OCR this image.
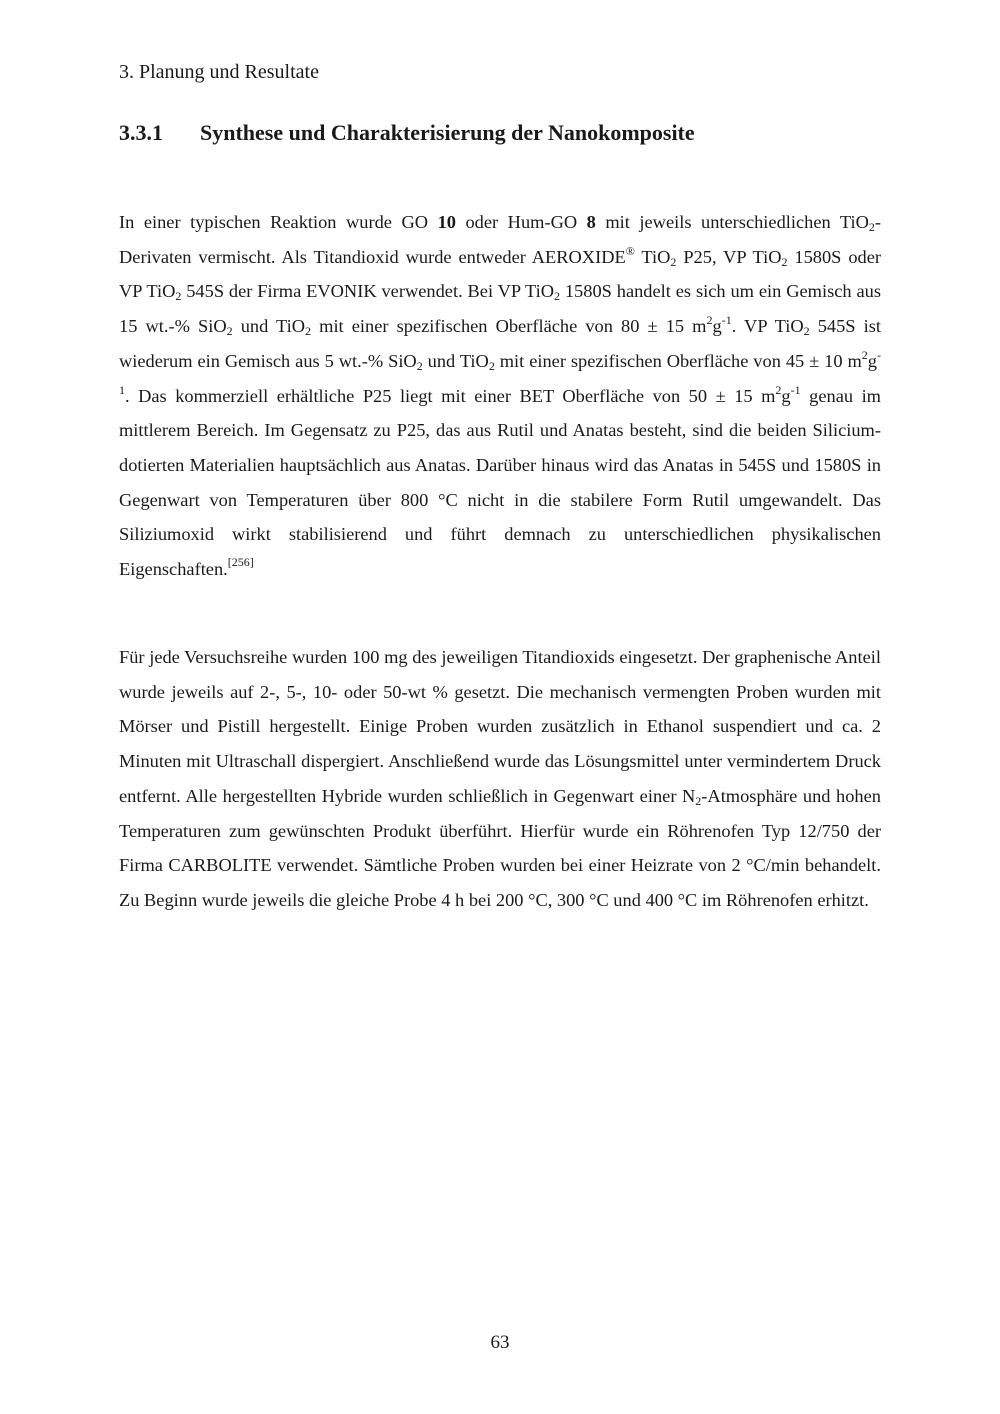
3. Planung und Resultate
3.3.1 Synthese und Charakterisierung der Nanokomposite

In einer typischen Reaktion wurde GO 10 oder Hum-GO 8 mit jeweils unterschiedlichen TiO$_2$-Derivaten vermischt. Als Titandioxid wurde entweder AEROXIDE® TiO$_2$ P25, VP TiO$_2$ 1580S oder VP TiO$_2$ 545S der Firma EVONIK verwendet. Bei VP TiO$_2$ 1580S handelt es sich um ein Gemisch aus 15 wt.-% SiO$_2$ und TiO$_2$ mit einer spezifischen Oberfläche von 80 ± 15 $m^2g^{-1}$. VP TiO$_2$ 545S ist wiederum ein Gemisch aus 5 wt.-% SiO$_2$ und TiO$_2$ mit einer spezifischen Oberfläche von 45 ± 10 $m^2g^{-1}$. Das kommerziell erhältliche P25 liegt mit einer BET Oberfläche von 50 ± 15 $m^2g^{-1}$ genau im mittlerem Bereich. Im Gegensatz zu P25, das aus Rutil und Anatas besteht, sind die beiden Silicium-dotierten Materialien hauptsächlich aus Anatas. Darüber hinaus wird das Anatas in 545S und 1580S in Gegenwart von Temperaturen über 800 °C nicht in die stabilere Form Rutil umgewandelt. Das Siliziumoxid wirkt stabilisierend und führt demnach zu unterschiedlichen physikalischen Eigenschaften.[256]

Für jede Versuchsreihe wurden 100 mg des jeweiligen Titandioxids eingesetzt. Der graphenische Anteil wurde jeweils auf 2-, 5-, 10- oder 50-wt % gesetzt. Die mechanisch vermengten Proben wurden mit Mörser und Pistill hergestellt. Einige Proben wurden zusätzlich in Ethanol suspendiert und ca. 2 Minuten mit Ultraschall dispergiert. Anschließend wurde das Lösungsmittel unter vermindertem Druck entfernt. Alle hergestellten Hybride wurden schließlich in Gegenwart einer $N_2$-Atmosphäre und hohen Temperaturen zum gewünschten Produkt überführt. Hierfür wurde ein Röhrenofen Typ 12/750 der Firma CARBOLITE verwendet. Sämtliche Proben wurden bei einer Heizrate von 2 °C/min behandelt. Zu Beginn wurde jeweils die gleiche Probe 4 h bei 200 °C, 300 °C und 400 °C im Röhrenofen erhitzt.

63
